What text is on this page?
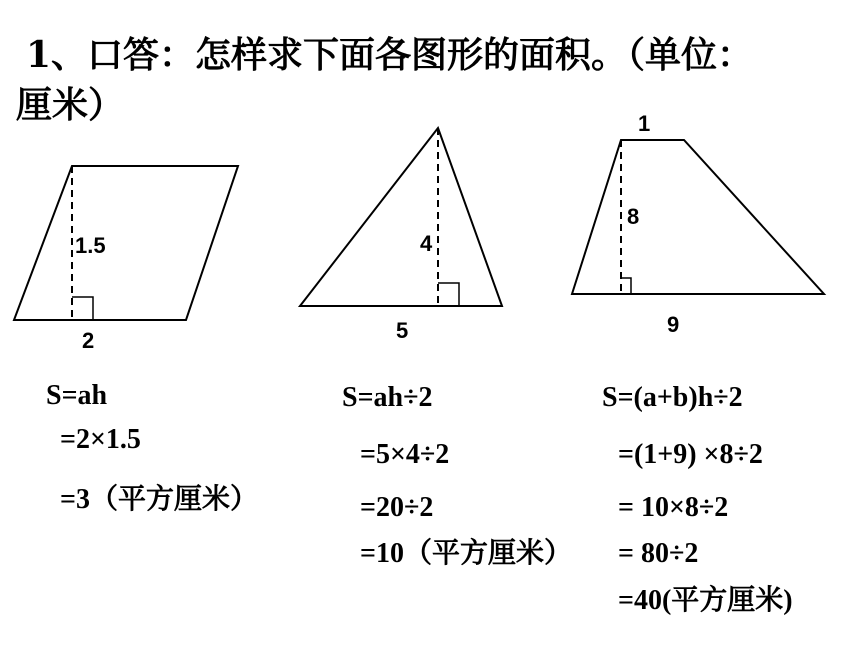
1、口答：怎样求下面各图形的面积。（单位：
厘米）
1.5
2
4
5
1
8
9
S=ah
=2×1.5
=3（平方厘米）
S=ah÷2
=5×4÷2
=20÷2
=10（平方厘米）
S=(a+b)h÷2
=(1+9) ×8÷2
= 10×8÷2
= 80÷2
=40(平方厘米)
